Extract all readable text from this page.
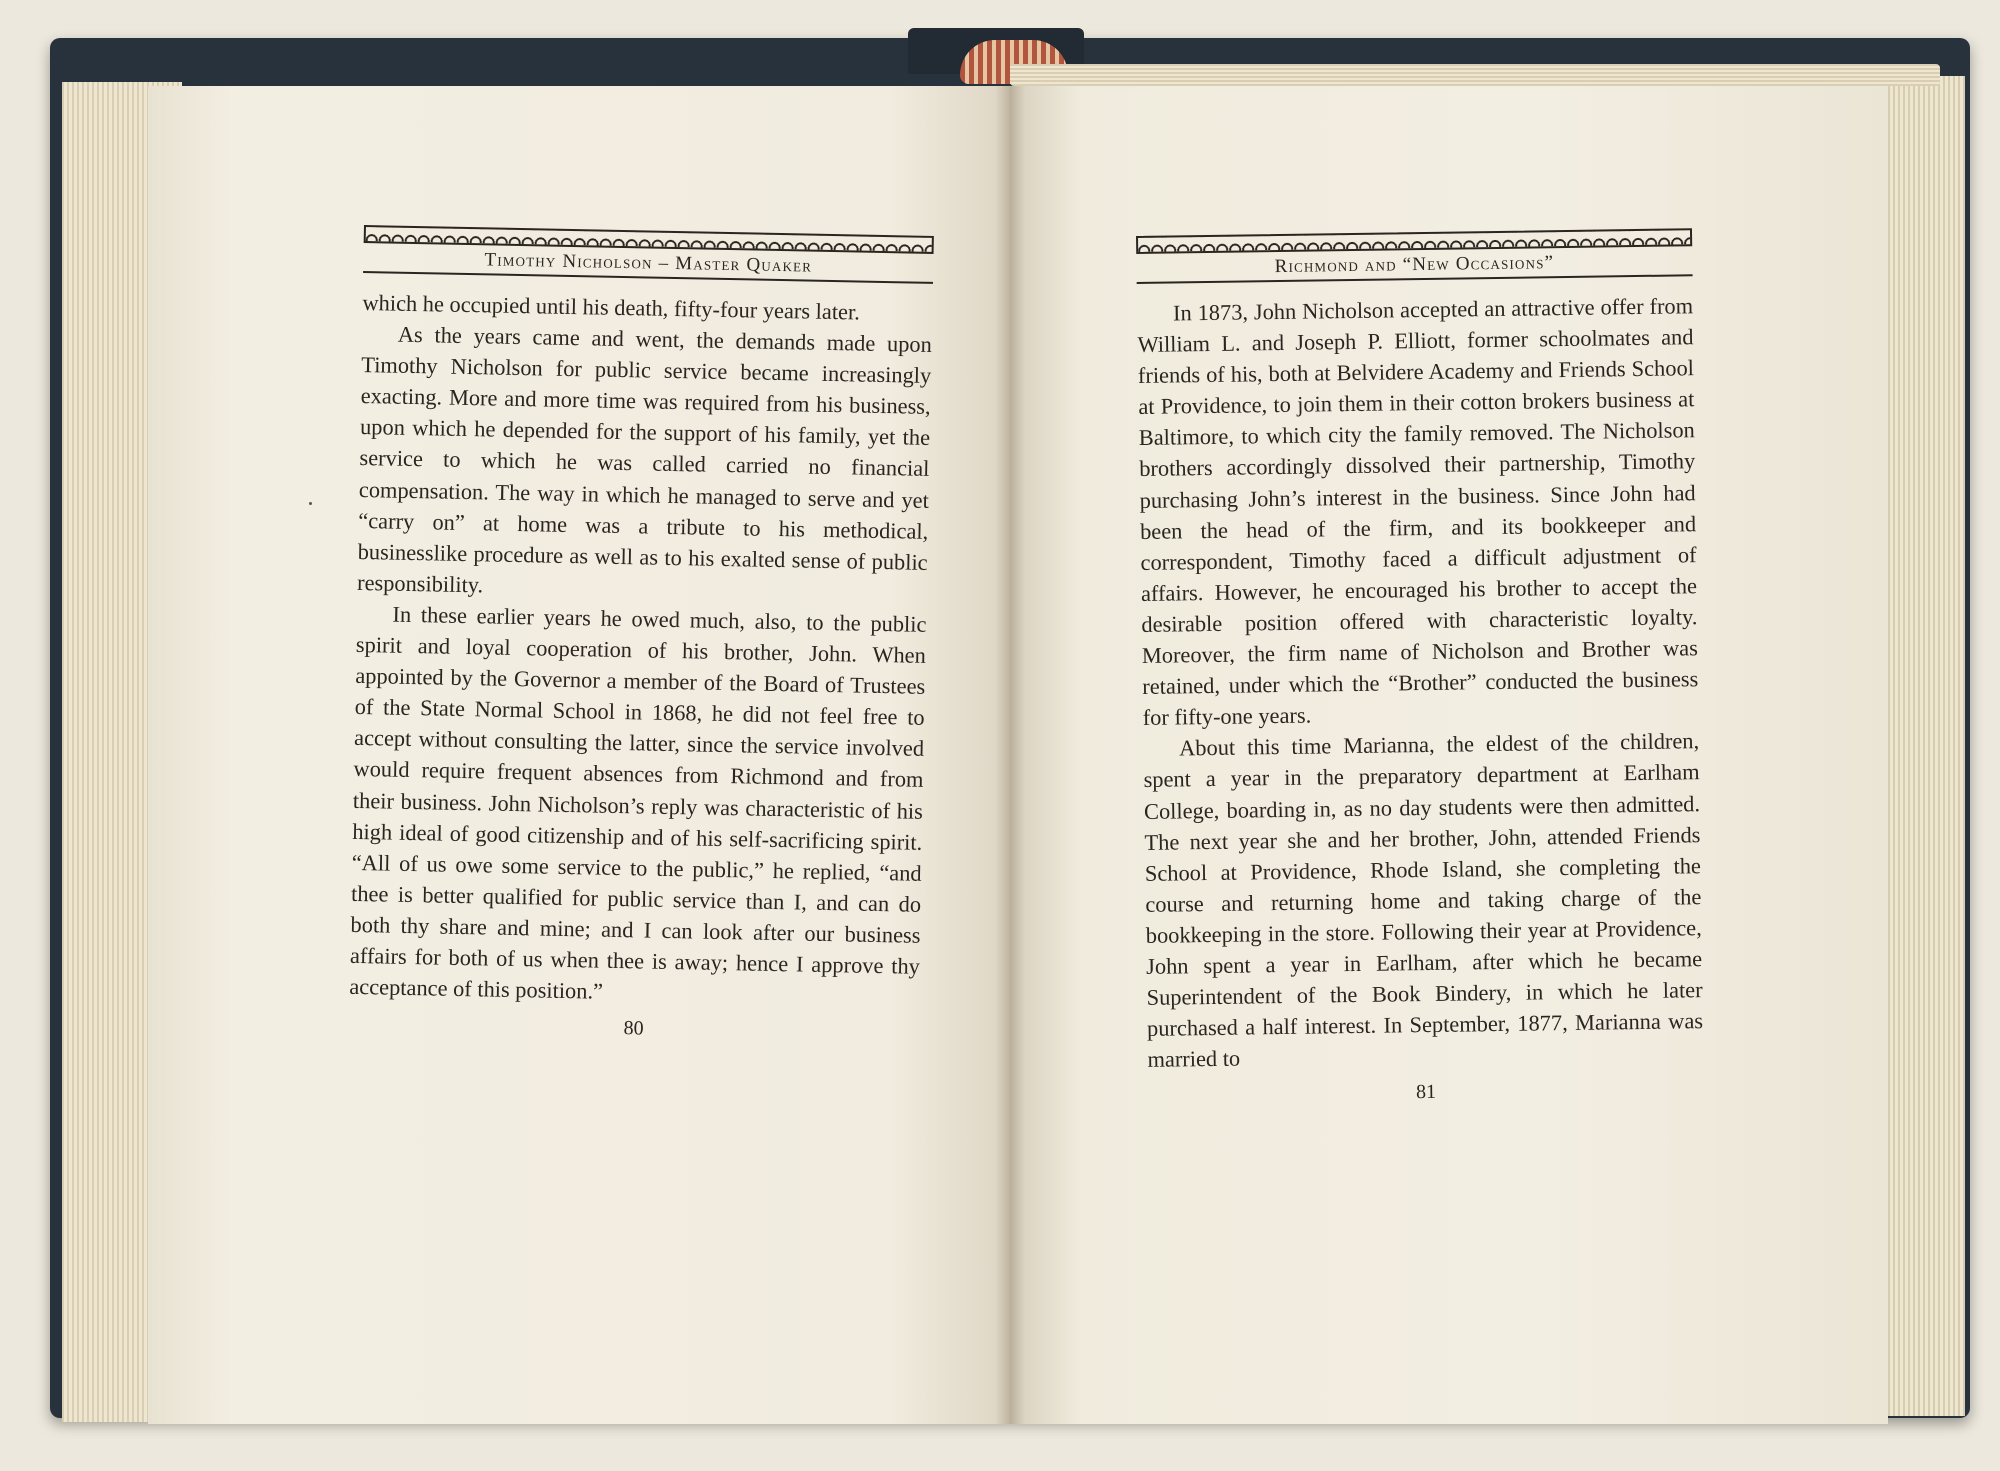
Timothy Nicholson – Master Quaker

which he occupied until his death, fifty-four years later.

As the years came and went, the demands made upon Timothy Nicholson for public service became increasingly exacting. More and more time was required from his business, upon which he depended for the support of his family, yet the service to which he was called carried no financial compensation. The way in which he managed to serve and yet “carry on” at home was a tribute to his methodical, businesslike procedure as well as to his exalted sense of public responsibility.

In these earlier years he owed much, also, to the public spirit and loyal cooperation of his brother, John. When appointed by the Governor a member of the Board of Trustees of the State Normal School in 1868, he did not feel free to accept without consulting the latter, since the service involved would require frequent absences from Richmond and from their business. John Nicholson’s reply was characteristic of his high ideal of good citizenship and of his self-sacrificing spirit. “All of us owe some service to the public,” he replied, “and thee is better qualified for public service than I, and can do both thy share and mine; and I can look after our business affairs for both of us when thee is away; hence I approve thy acceptance of this position.”

80
Richmond and “New Occasions”

In 1873, John Nicholson accepted an attractive offer from William L. and Joseph P. Elliott, former schoolmates and friends of his, both at Belvidere Academy and Friends School at Providence, to join them in their cotton brokers business at Baltimore, to which city the family removed. The Nicholson brothers accordingly dissolved their partnership, Timothy purchasing John’s interest in the business. Since John had been the head of the firm, and its bookkeeper and correspondent, Timothy faced a difficult adjustment of affairs. However, he encouraged his brother to accept the desirable position offered with characteristic loyalty. Moreover, the firm name of Nicholson and Brother was retained, under which the “Brother” conducted the business for fifty-one years.

About this time Marianna, the eldest of the children, spent a year in the preparatory department at Earlham College, boarding in, as no day students were then admitted. The next year she and her brother, John, attended Friends School at Providence, Rhode Island, she completing the course and returning home and taking charge of the bookkeeping in the store. Following their year at Providence, John spent a year in Earlham, after which he became Superintendent of the Book Bindery, in which he later purchased a half interest. In September, 1877, Marianna was married to

81
